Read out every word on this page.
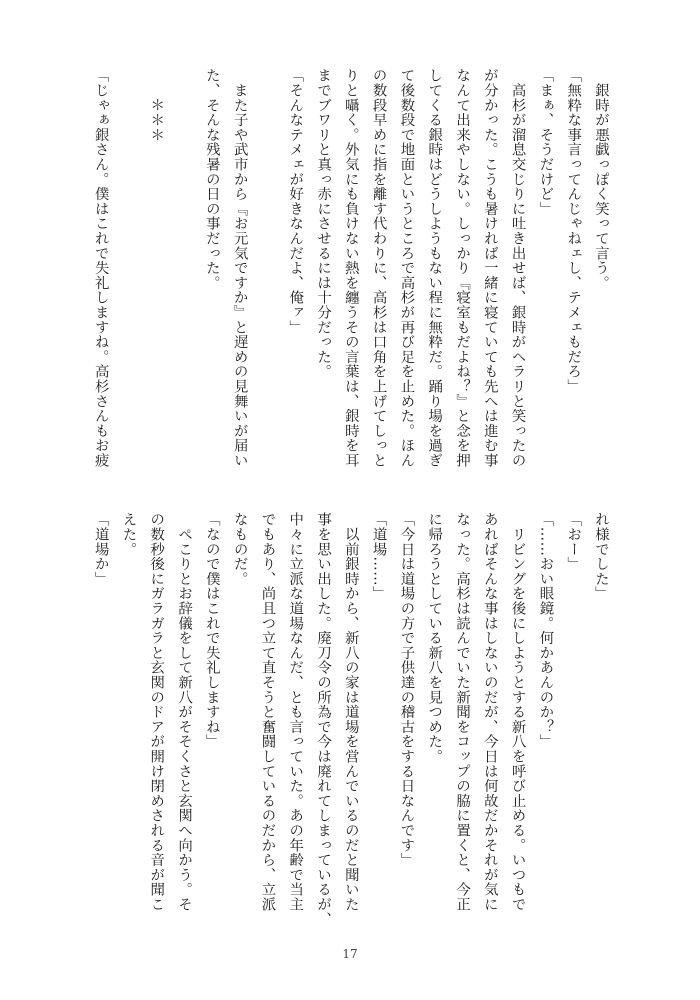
　銀時が悪戯っぽく笑って言う。
「無粋な事言ってんじゃねェし、テメェもだろ」
「まぁ、そうだけど」
　高杉が溜息交じりに吐き出せば、銀時がヘラリと笑ったの
が分かった。こうも暑ければ一緒に寝ていても先へは進む事
なんて出来やしない。しっかり『寝室もだよね？』と念を押
してくる銀時はどうしようもない程に無粋だ。踊り場を過ぎ
て後数段で地面というところで高杉が再び足を止めた。ほん
の数段早めに指を離す代わりに、高杉は口角を上げてしっと
りと囁く。外気にも負けない熱を纏うその言葉は、銀時を耳
までブワリと真っ赤にさせるには十分だった。
「そんなテメェが好きなんだよ、俺ァ」
　また子や武市から『お元気ですか』と遅めの見舞いが届い
た、そんな残暑の日の事だった。
　　＊＊＊
「じゃぁ銀さん。僕はこれで失礼しますね。高杉さんもお疲
れ様でした」
「おー」
「……おい眼鏡。何かあんのか？」
　リビングを後にしようとする新八を呼び止める。いつもで
あればそんな事はしないのだが、今日は何故だかそれが気に
なった。高杉は読んでいた新聞をコップの脇に置くと、今正
に帰ろうとしている新八を見つめた。
「今日は道場の方で子供達の稽古をする日なんです」
「道場……」
　以前銀時から、新八の家は道場を営んでいるのだと聞いた
事を思い出した。廃刀令の所為で今は廃れてしまっているが、
中々に立派な道場なんだ、とも言っていた。あの年齢で当主
でもあり、尚且つ立て直そうと奮闘しているのだから、立派
なものだ。
「なので僕はこれで失礼しますね」
　ぺこりとお辞儀をして新八がそそくさと玄関へ向かう。そ
の数秒後にガラガラと玄関のドアが開け閉めされる音が聞こ
えた。
「道場か」
17
